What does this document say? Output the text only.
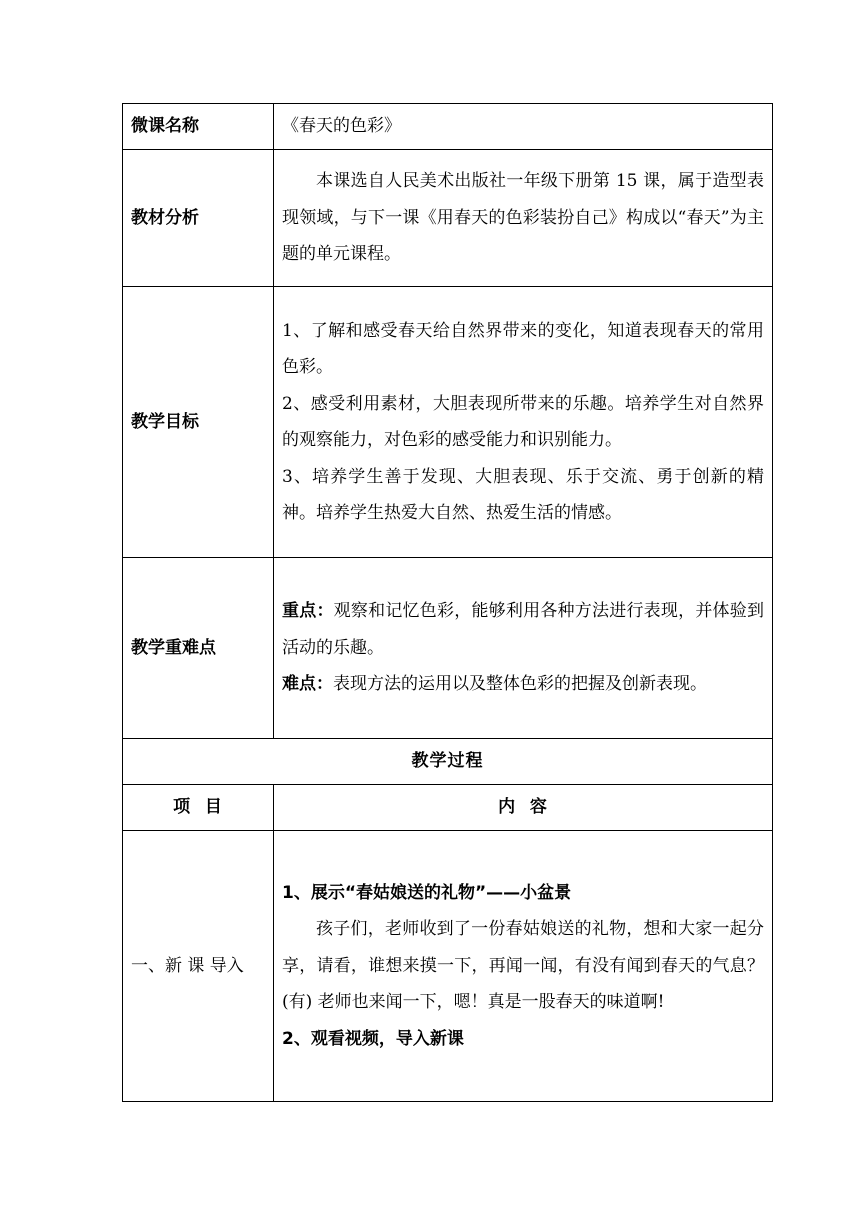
微课名称	《春天的色彩》
教材分析	本课选自人民美术出版社一年级下册第 15 课，属于造型表现领域，与下一课《用春天的色彩装扮自己》构成以“春天”为主题的单元课程。

教学目标	1、了解和感受春天给自然界带来的变化，知道表现春天的常用色彩。

2、感受利用素材，大胆表现所带来的乐趣。培养学生对自然界的观察能力，对色彩的感受能力和识别能力。

3、培养学生善于发现、大胆表现、乐于交流、勇于创新的精神。培养学生热爱大自然、热爱生活的情感。

教学重难点	重点：观察和记忆色彩，能够利用各种方法进行表现，并体验到活动的乐趣。

难点：表现方法的运用以及整体色彩的把握及创新表现。

教学过程	
项  目	内  容
一、新 课 导入	1、展示“春姑娘送的礼物”——小盆景

孩子们，老师收到了一份春姑娘送的礼物，想和大家一起分享，请看，谁想来摸一下，再闻一闻，有没有闻到春天的气息？(有) 老师也来闻一下，嗯！真是一股春天的味道啊!

2、观看视频，导入新课
